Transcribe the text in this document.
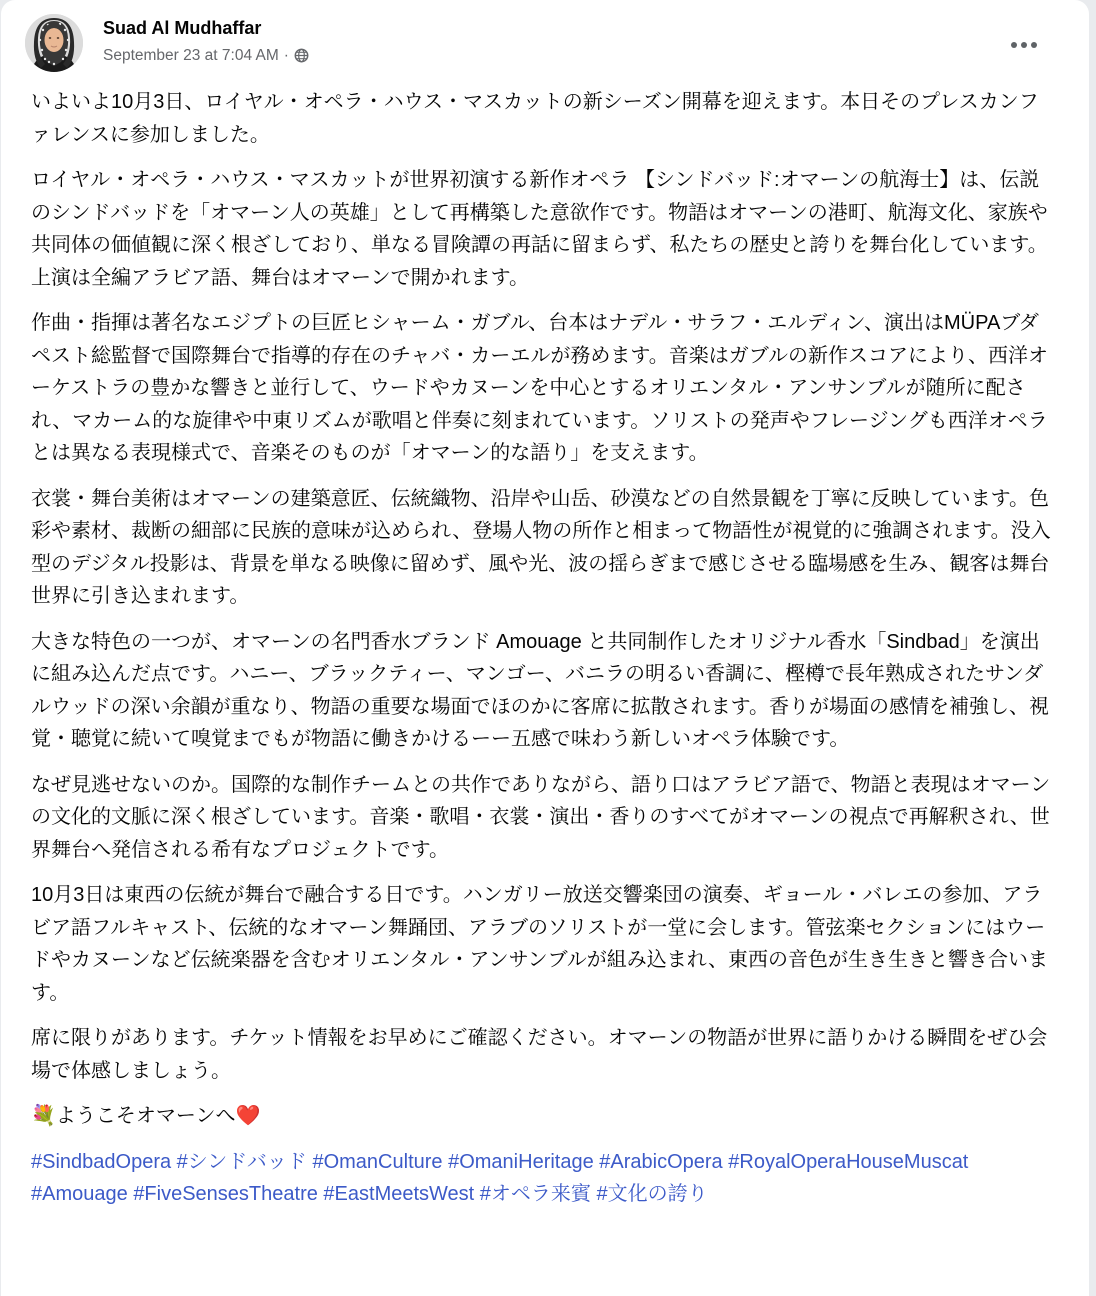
Suad Al Mudhaffar
September 23 at 7:04 AM ·

いよいよ10月3日、ロイヤル・オペラ・ハウス・マスカットの新シーズン開幕を迎えます。本日そのプレスカンファレンスに参加しました。

ロイヤル・オペラ・ハウス・マスカットが世界初演する新作オペラ 【シンドバッド:オマーンの航海士】は、伝説のシンドバッドを「オマーン人の英雄」として再構築した意欲作です。物語はオマーンの港町、航海文化、家族や共同体の価値観に深く根ざしており、単なる冒険譚の再話に留まらず、私たちの歴史と誇りを舞台化しています。上演は全編アラビア語、舞台はオマーンで開かれます。

作曲・指揮は著名なエジプトの巨匠ヒシャーム・ガブル、台本はナデル・サラフ・エルディン、演出はMÜPAブダペスト総監督で国際舞台で指導的存在のチャバ・カーエルが務めます。音楽はガブルの新作スコアにより、西洋オーケストラの豊かな響きと並行して、ウードやカヌーンを中心とするオリエンタル・アンサンブルが随所に配され、マカーム的な旋律や中東リズムが歌唱と伴奏に刻まれています。ソリストの発声やフレージングも西洋オペラとは異なる表現様式で、音楽そのものが「オマーン的な語り」を支えます。

衣裳・舞台美術はオマーンの建築意匠、伝統織物、沿岸や山岳、砂漠などの自然景観を丁寧に反映しています。色彩や素材、裁断の細部に民族的意味が込められ、登場人物の所作と相まって物語性が視覚的に強調されます。没入型のデジタル投影は、背景を単なる映像に留めず、風や光、波の揺らぎまで感じさせる臨場感を生み、観客は舞台世界に引き込まれます。

大きな特色の一つが、オマーンの名門香水ブランド Amouage と共同制作したオリジナル香水「Sindbad」を演出に組み込んだ点です。ハニー、ブラックティー、マンゴー、バニラの明るい香調に、樫樽で長年熟成されたサンダルウッドの深い余韻が重なり、物語の重要な場面でほのかに客席に拡散されます。香りが場面の感情を補強し、視覚・聴覚に続いて嗅覚までもが物語に働きかけるーー五感で味わう新しいオペラ体験です。

なぜ見逃せないのか。国際的な制作チームとの共作でありながら、語り口はアラビア語で、物語と表現はオマーンの文化的文脈に深く根ざしています。音楽・歌唱・衣裳・演出・香りのすべてがオマーンの視点で再解釈され、世界舞台へ発信される希有なプロジェクトです。

10月3日は東西の伝統が舞台で融合する日です。ハンガリー放送交響楽団の演奏、ギョール・バレエの参加、アラビア語フルキャスト、伝統的なオマーン舞踊団、アラブのソリストが一堂に会します。管弦楽セクションにはウードやカヌーンなど伝統楽器を含むオリエンタル・アンサンブルが組み込まれ、東西の音色が生き生きと響き合います。

席に限りがあります。チケット情報をお早めにご確認ください。オマーンの物語が世界に語りかける瞬間をぜひ会場で体感しましょう。

💐ようこそオマーンへ❤️

#SindbadOpera #シンドバッド #OmanCulture #OmaniHeritage #ArabicOpera #RoyalOperaHouseMuscat #Amouage #FiveSensesTheatre #EastMeetsWest #オペラ来賓 #文化の誇り
